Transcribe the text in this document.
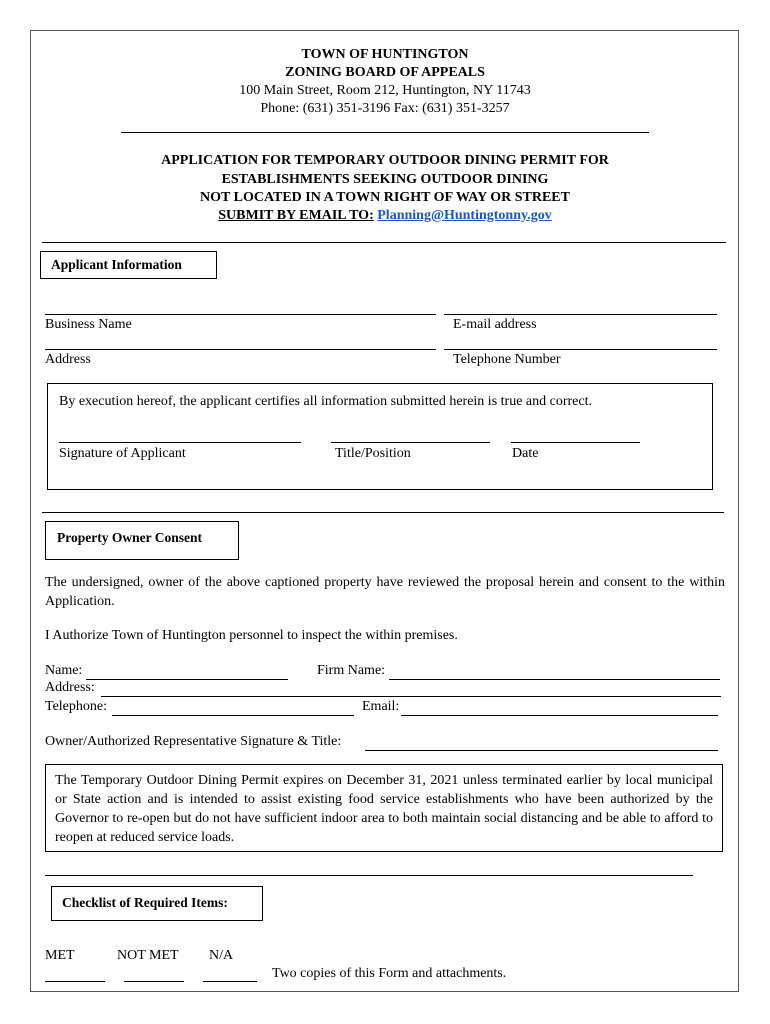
TOWN OF HUNTINGTON
ZONING BOARD OF APPEALS
100 Main Street, Room 212, Huntington, NY 11743
Phone: (631) 351-3196 Fax: (631) 351-3257
APPLICATION FOR TEMPORARY OUTDOOR DINING PERMIT FOR
ESTABLISHMENTS SEEKING OUTDOOR DINING
NOT LOCATED IN A TOWN RIGHT OF WAY OR STREET
SUBMIT BY EMAIL TO: Planning@Huntingtonny.gov
Applicant Information
Business Name	E-mail address
Address	Telephone Number
By execution hereof, the applicant certifies all information submitted herein is true and correct.
Signature of Applicant	Title/Position	Date
Property Owner Consent
The undersigned, owner of the above captioned property have reviewed the proposal herein and consent to the within Application.
I Authorize Town of Huntington personnel to inspect the within premises.
Name:	Firm Name:
Address:
Telephone:	Email:
Owner/Authorized Representative Signature & Title:
The Temporary Outdoor Dining Permit expires on December 31, 2021 unless terminated earlier by local municipal or State action and is intended to assist existing food service establishments who have been authorized by the Governor to re-open but do not have sufficient indoor area to both maintain social distancing and be able to afford to reopen at reduced service loads.
Checklist of Required Items:
MET	NOT MET N/A
Two copies of this Form and attachments.
